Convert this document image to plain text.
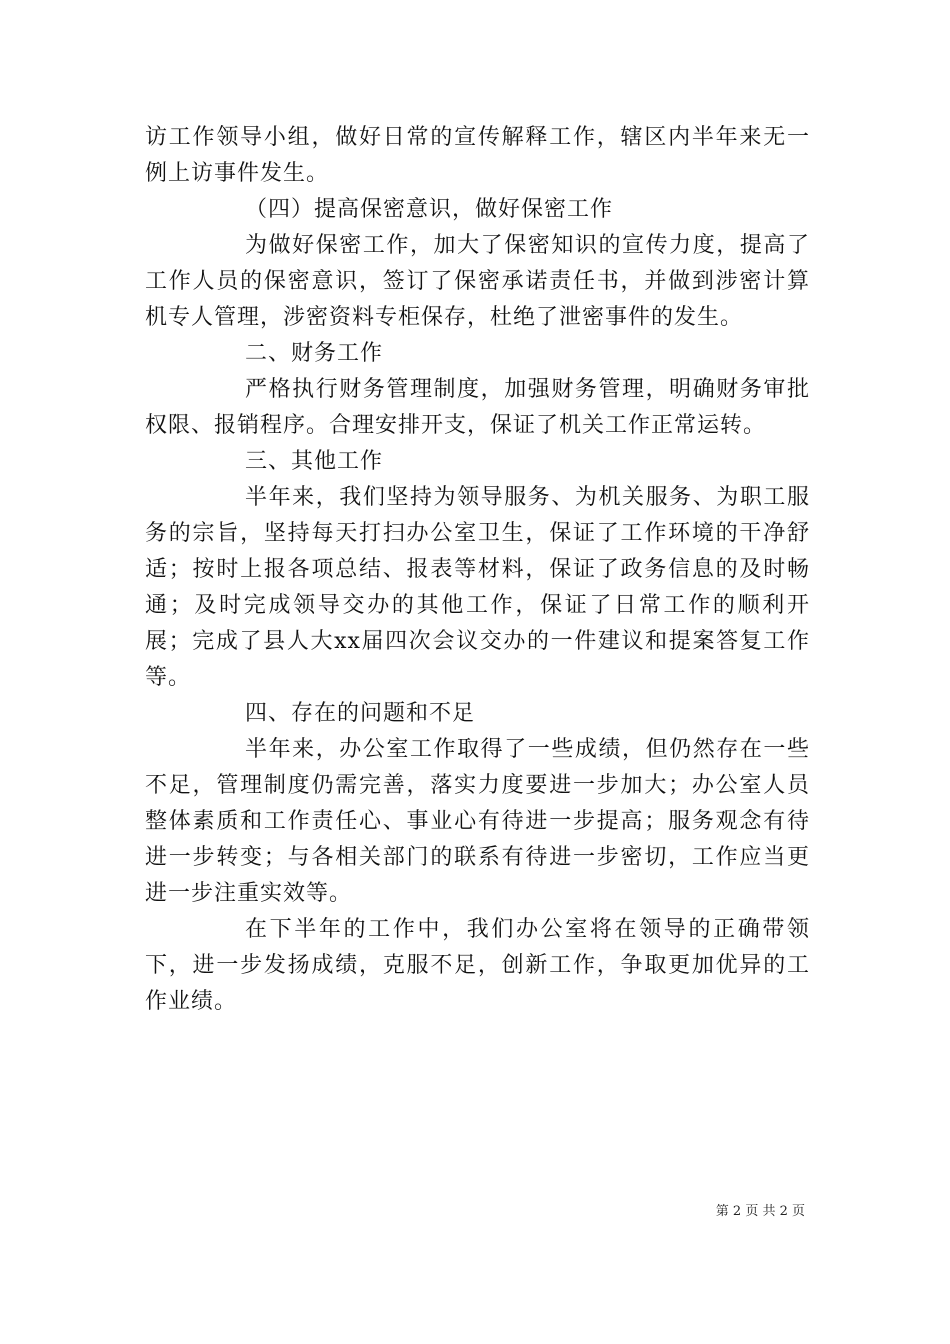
访工作领导小组，做好日常的宣传解释工作，辖区内半年来无一例上访事件发生。

（四）提高保密意识，做好保密工作

为做好保密工作，加大了保密知识的宣传力度，提高了工作人员的保密意识，签订了保密承诺责任书，并做到涉密计算机专人管理，涉密资料专柜保存，杜绝了泄密事件的发生。

二、财务工作

严格执行财务管理制度，加强财务管理，明确财务审批权限、报销程序。合理安排开支，保证了机关工作正常运转。

三、其他工作

半年来，我们坚持为领导服务、为机关服务、为职工服务的宗旨，坚持每天打扫办公室卫生，保证了工作环境的干净舒适；按时上报各项总结、报表等材料，保证了政务信息的及时畅通；及时完成领导交办的其他工作，保证了日常工作的顺利开展；完成了县人大xx届四次会议交办的一件建议和提案答复工作等。

四、存在的问题和不足

半年来，办公室工作取得了一些成绩，但仍然存在一些不足，管理制度仍需完善，落实力度要进一步加大；办公室人员整体素质和工作责任心、事业心有待进一步提高；服务观念有待进一步转变；与各相关部门的联系有待进一步密切，工作应当更进一步注重实效等。

在下半年的工作中，我们办公室将在领导的正确带领下，进一步发扬成绩，克服不足，创新工作，争取更加优异的工作业绩。

第 2 页 共 2 页
